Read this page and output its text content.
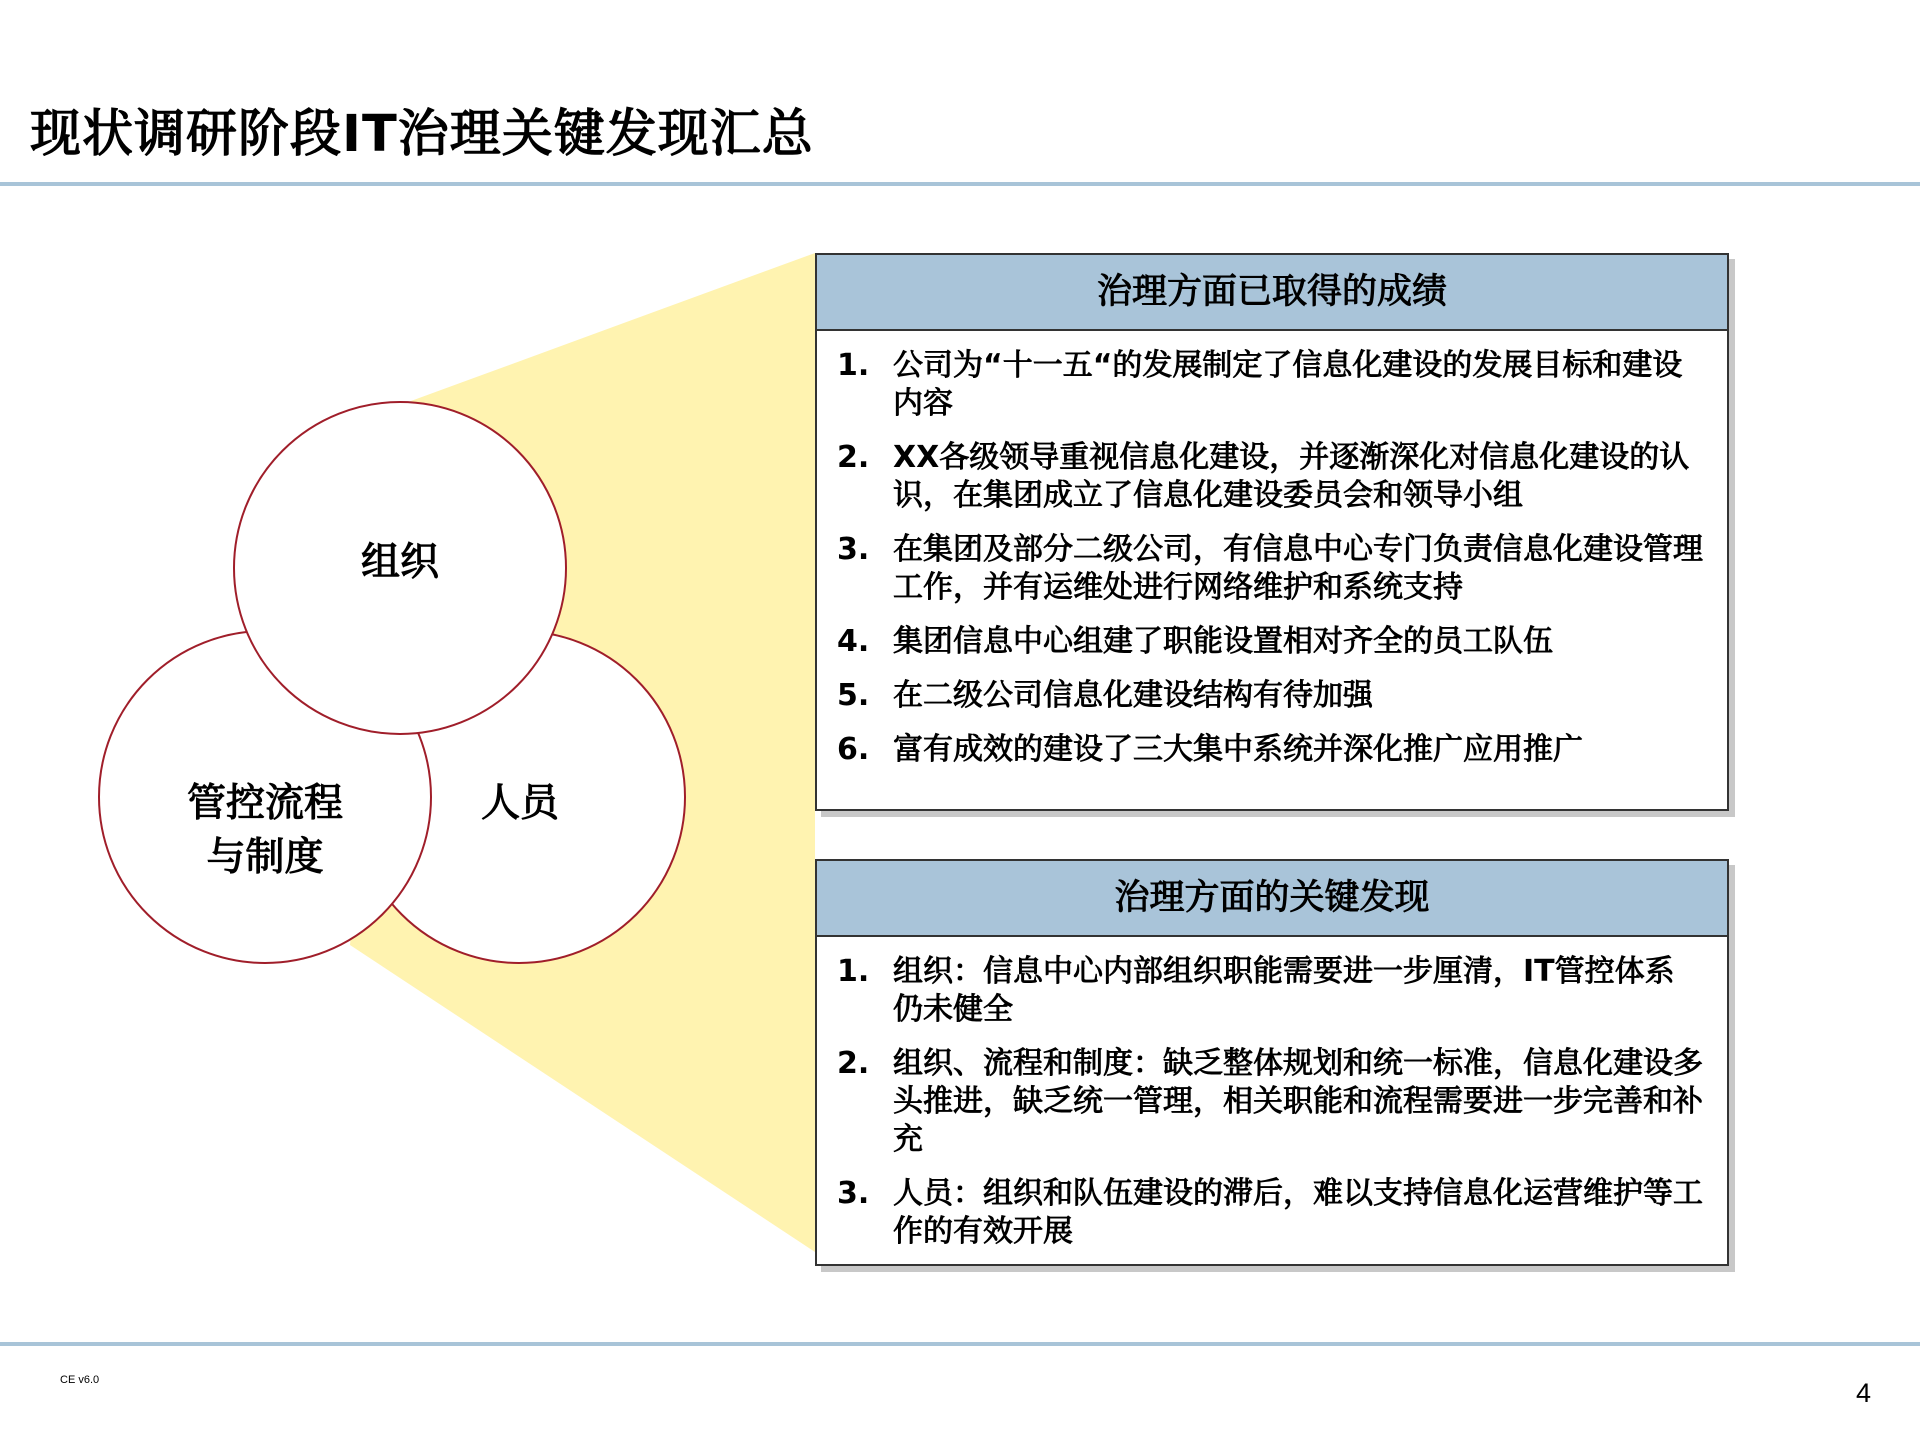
现状调研阶段IT治理关键发现汇总
组织
管控流程
与制度
人员
治理方面已取得的成绩
1. 公司为“十一五“的发展制定了信息化建设的发展目标和建设内容
2. XX各级领导重视信息化建设，并逐渐深化对信息化建设的认识，在集团成立了信息化建设委员会和领导小组
3. 在集团及部分二级公司，有信息中心专门负责信息化建设管理工作，并有运维处进行网络维护和系统支持
4. 集团信息中心组建了职能设置相对齐全的员工队伍
5. 在二级公司信息化建设结构有待加强
6. 富有成效的建设了三大集中系统并深化推广应用推广
治理方面的关键发现
1. 组织：信息中心内部组织职能需要进一步厘清，IT管控体系仍未健全
2. 组织、流程和制度：缺乏整体规划和统一标准，信息化建设多头推进，缺乏统一管理，相关职能和流程需要进一步完善和补充
3. 人员：组织和队伍建设的滞后，难以支持信息化运营维护等工作的有效开展
CE v6.0	4
